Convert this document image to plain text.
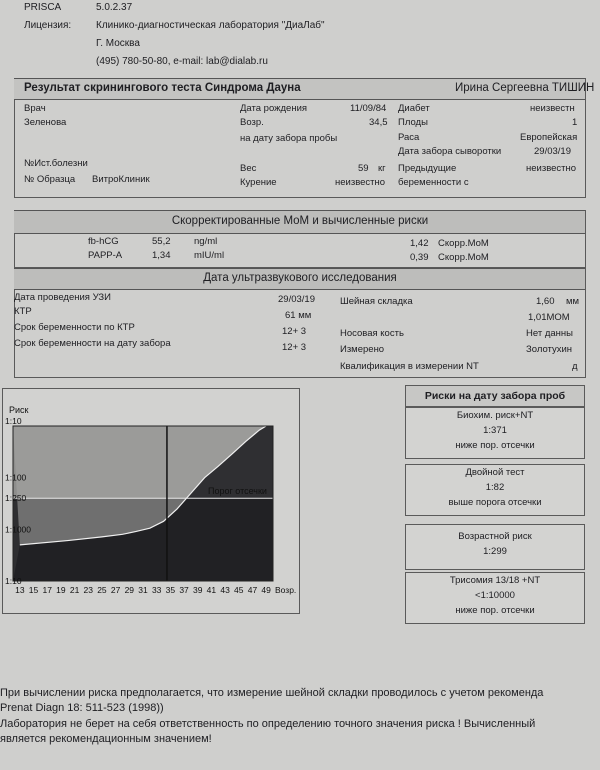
PRISCA	5.0.2.37
Лицензия: Клинико-диагностическая лаборатория "ДиаЛаб"
Г. Москва
(495) 780-50-80, e-mail: lab@dialab.ru
Результат скринингового теста Синдрома Дауна	Ирина Сергеевна ТИШИН
Врач
Зеленова
№Ист.болезни
№ Образца ВитроКлиник
Дата рождения	11/09/84
Возр.	34,5
на дату забора пробы
Вес	59 кг
Курение	неизвестно
Диабет	неизвестн
Плоды	1
Раса	Европейская
Дата забора сыворотки	29/03/19
Предыдущие
беременности с
неизвестно
Скорректированные МоМ и вычисленные риски
fb-hCG	55,2 ng/ml	1,42 Скорр.МоМ
PAPP-A	1,34 mIU/ml	0,39 Скорр.МоМ
Дата ультразвукового исследования
Дата проведения УЗИ	29/03/19
КТР	61 мм
Срок беременности по КТР	12+ 3
Срок беременности на дату забора	12+ 3
Шейная складка	1,60 мм
1,01МОМ
Носовая кость	Нет данны
Измерено	Золотухин
Квалификация в измерении NT	д
Порог отсечки
Риск
1:10
1:100
1:250
1:1000
1:10
13 15 17 19 21 23 25 27 29 31 33 35 37 39 41 43 45 47 49 Возр.
Риски на дату забора проб
Биохим. риск+NT
1:371
ниже пор. отсечки
Двойной тест
1:82
выше порога отсечки
Возрастной риск
1:299
Трисомия 13/18 +NT
<1:10000
ниже пор. отсечки
При вычислении риска предполагается, что измерение шейной складки проводилось с учетом рекоменда
Prenat Diagn 18: 511-523 (1998))
Лаборатория не берет на себя ответственность по определению точного значения риска ! Вычисленный
является рекомендационным значением!
